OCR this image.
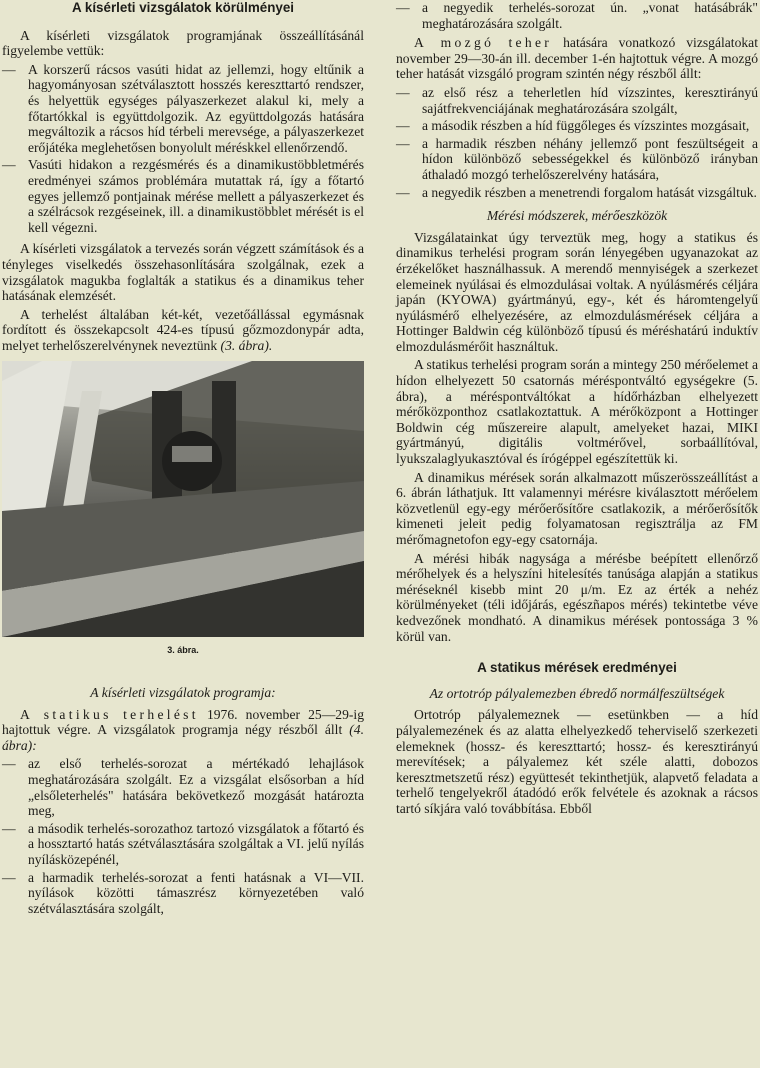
A kísérleti vizsgálatok körülményei

A kísérleti vizsgálatok programjának összeállításánál figyelembe vettük:

— A korszerű rácsos vasúti hidat az jellemzi, hogy eltűnik a hagyományosan szétválasztott hosszés kereszttartó rendszer, és helyettük egységes pályaszerkezet alakul ki, mely a főtartókkal is együttdolgozik. Az együttdolgozás hatására megváltozik a rácsos híd térbeli merevsége, a pályaszerkezet erőjátéka meglehetősen bonyolult méréskkel ellenőrzendő.
— Vasúti hidakon a rezgésmérés és a dinamikustöbbletmérés eredményei számos problémára mutattak rá, így a főtartó egyes jellemző pontjainak mérése mellett a pályaszerkezet és a szélrácsok rezgéseinek, ill. a dinamikustöbblet mérését is el kell végezni.

A kísérleti vizsgálatok a tervezés során végzett számítások és a tényleges viselkedés összehasonlítására szolgálnak, ezek a vizsgálatok magukba foglalták a statikus és a dinamikus teher hatásának elemzését.

A terhelést általában két-két, vezetőállással egymásnak fordított és összekapcsolt 424-es típusú gőzmozdonypár adta, melyet terhelőszerelvénynek neveztünk (3. ábra).

3. ábra.
A kísérleti vizsgálatok programja:

A statikus terhelést 1976. november 25—29-ig hajtottuk végre. A vizsgálatok programja négy részből állt (4. ábra):

— az első terhelés-sorozat a mértékadó lehajlások meghatározására szolgált. Ez a vizsgálat elsősorban a híd „elsőleterhelés" hatására bekövetkező mozgását határozta meg,
— a második terhelés-sorozathoz tartozó vizsgálatok a főtartó és a hossztartó hatás szétválasztására szolgáltak a VI. jelű nyílás nyílásközepénél,
— a harmadik terhelés-sorozat a fenti hatásnak a VI—VII. nyílások közötti támaszrész környezetében való szétválasztására szolgált,
— a negyedik terhelés-sorozat ún. „vonat hatásábrák" meghatározására szolgált.

A mozgó teher hatására vonatkozó vizsgálatokat november 29—30-án ill. december 1-én hajtottuk végre. A mozgó teher hatását vizsgáló program szintén négy részből állt:

— az első rész a teherletlen híd vízszintes, keresztirányú sajátfrekvenciájának meghatározására szolgált,
— a második részben a híd függőleges és vízszintes mozgásait,
— a harmadik részben néhány jellemző pont feszültségeit a hídon különböző sebességekkel és különböző irányban áthaladó mozgó terhelőszerelvény hatására,
— a negyedik részben a menetrendi forgalom hatását vizsgáltuk.
Mérési módszerek, mérőeszközök

Vizsgálatainkat úgy terveztük meg, hogy a statikus és dinamikus terhelési program során lényegében ugyanazokat az érzékelőket használhassuk. A merendő mennyiségek a szerkezet elemeinek nyúlásai és elmozdulásai voltak. A nyúlásmérés céljára japán (KYOWA) gyártmányú, egy-, két és háromtengelyű nyúlásmérő elhelyezésére, az elmozdulásmérések céljára a Hottinger Baldwin cég különböző típusú és méréshatárú induktív elmozdulásmérőit használtuk.

A statikus terhelési program során a mintegy 250 mérőelemet a hídon elhelyezett 50 csatornás méréspontváltó egységekre (5. ábra), a méréspontváltókat a hídőrházban elhelyezett mérőközponthoz csatlakoztattuk. A mérőközpont a Hottinger Boldwin cég műszereire alapult, amelyeket hazai, MIKI gyártmányú, digitális voltmérővel, sorbaállítóval, lyukszalaglyukasztóval és írógéppel egészítettük ki.

A dinamikus mérések során alkalmazott műszerösszeállítást a 6. ábrán láthatjuk. Itt valamennyi mérésre kiválasztott mérőelem közvetlenül egy-egy mérőerősítőre csatlakozik, a mérőerősítők kimeneti jeleit pedig folyamatosan regisztrálja az FM mérőmagnetofon egy-egy csatornája.

A mérési hibák nagysága a mérésbe beépített ellenőrző mérőhelyek és a helyszíni hitelesítés tanúsága alapján a statikus méréseknél kisebb mint 20 μ/m. Ez az érték a nehéz körülményeket (téli időjárás, egészñapos mérés) tekintetbe véve kedvezőnek mondható. A dinamikus mérések pontossága 3 % körül van.

A statikus mérések eredményei
Az ortotróp pályalemezben ébredő normálfeszültségek

Ortotróp pályalemeznek — esetünkben — a híd pályalemezének és az alatta elhelyezkedő teherviselő szerkezeti elemeknek (hossz- és kereszttartó; hossz- és keresztirányú merevítések; a pályalemez két széle alatti, dobozos keresztmetszetű rész) együttesét tekinthetjük, alapvető feladata a terhelő tengelyekről átadódó erők felvétele és azoknak a rácsos tartó síkjára való továbbítása. Ebből
